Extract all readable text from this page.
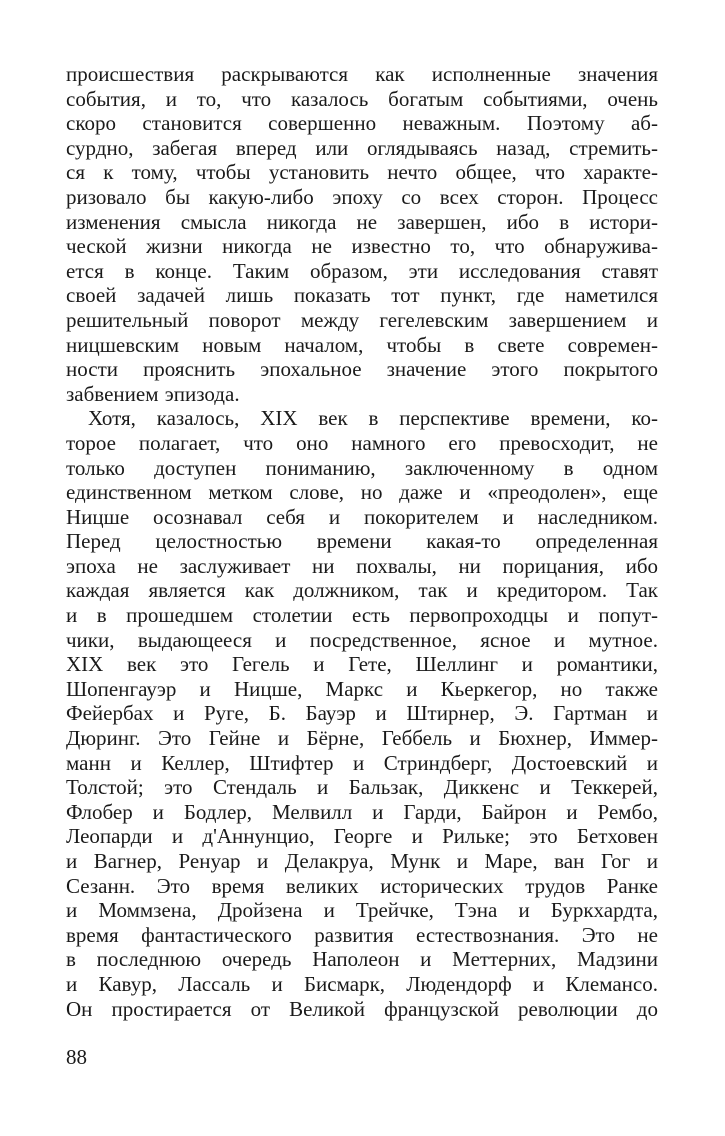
происшествия раскрываются как исполненные значения
события, и то, что казалось богатым событиями, очень
скоро становится совершенно неважным. Поэтому аб-
сурдно, забегая вперед или оглядываясь назад, стремить-
ся к тому, чтобы установить нечто общее, что характе-
ризовало бы какую-либо эпоху со всех сторон. Процесс
изменения смысла никогда не завершен, ибо в истори-
ческой жизни никогда не известно то, что обнаружива-
ется в конце. Таким образом, эти исследования ставят
своей задачей лишь показать тот пункт, где наметился
решительный поворот между гегелевским завершением и
ницшевским новым началом, чтобы в свете современ-
ности прояснить эпохальное значение этого покрытого
забвением эпизода.
Хотя, казалось, XIX век в перспективе времени, ко-
торое полагает, что оно намного его превосходит, не
только доступен пониманию, заключенному в одном
единственном метком слове, но даже и «преодолен», еще
Ницше осознавал себя и покорителем и наследником.
Перед целостностью времени какая-то определенная
эпоха не заслуживает ни похвалы, ни порицания, ибо
каждая является как должником, так и кредитором. Так
и в прошедшем столетии есть первопроходцы и попут-
чики, выдающееся и посредственное, ясное и мутное.
XIX век это Гегель и Гете, Шеллинг и романтики,
Шопенгауэр и Ницше, Маркс и Кьеркегор, но также
Фейербах и Руге, Б. Бауэр и Штирнер, Э. Гартман и
Дюринг. Это Гейне и Бёрне, Геббель и Бюхнер, Иммер-
манн и Келлер, Штифтер и Стриндберг, Достоевский и
Толстой; это Стендаль и Бальзак, Диккенс и Теккерей,
Флобер и Бодлер, Мелвилл и Гарди, Байрон и Рембо,
Леопарди и д'Аннунцио, Георге и Рильке; это Бетховен
и Вагнер, Ренуар и Делакруа, Мунк и Маре, ван Гог и
Сезанн. Это время великих исторических трудов Ранке
и Моммзена, Дройзена и Трейчке, Тэна и Буркхардта,
время фантастического развития естествознания. Это не
в последнюю очередь Наполеон и Меттерних, Мадзини
и Кавур, Лассаль и Бисмарк, Людендорф и Клемансо.
Он простирается от Великой французской революции до
88
